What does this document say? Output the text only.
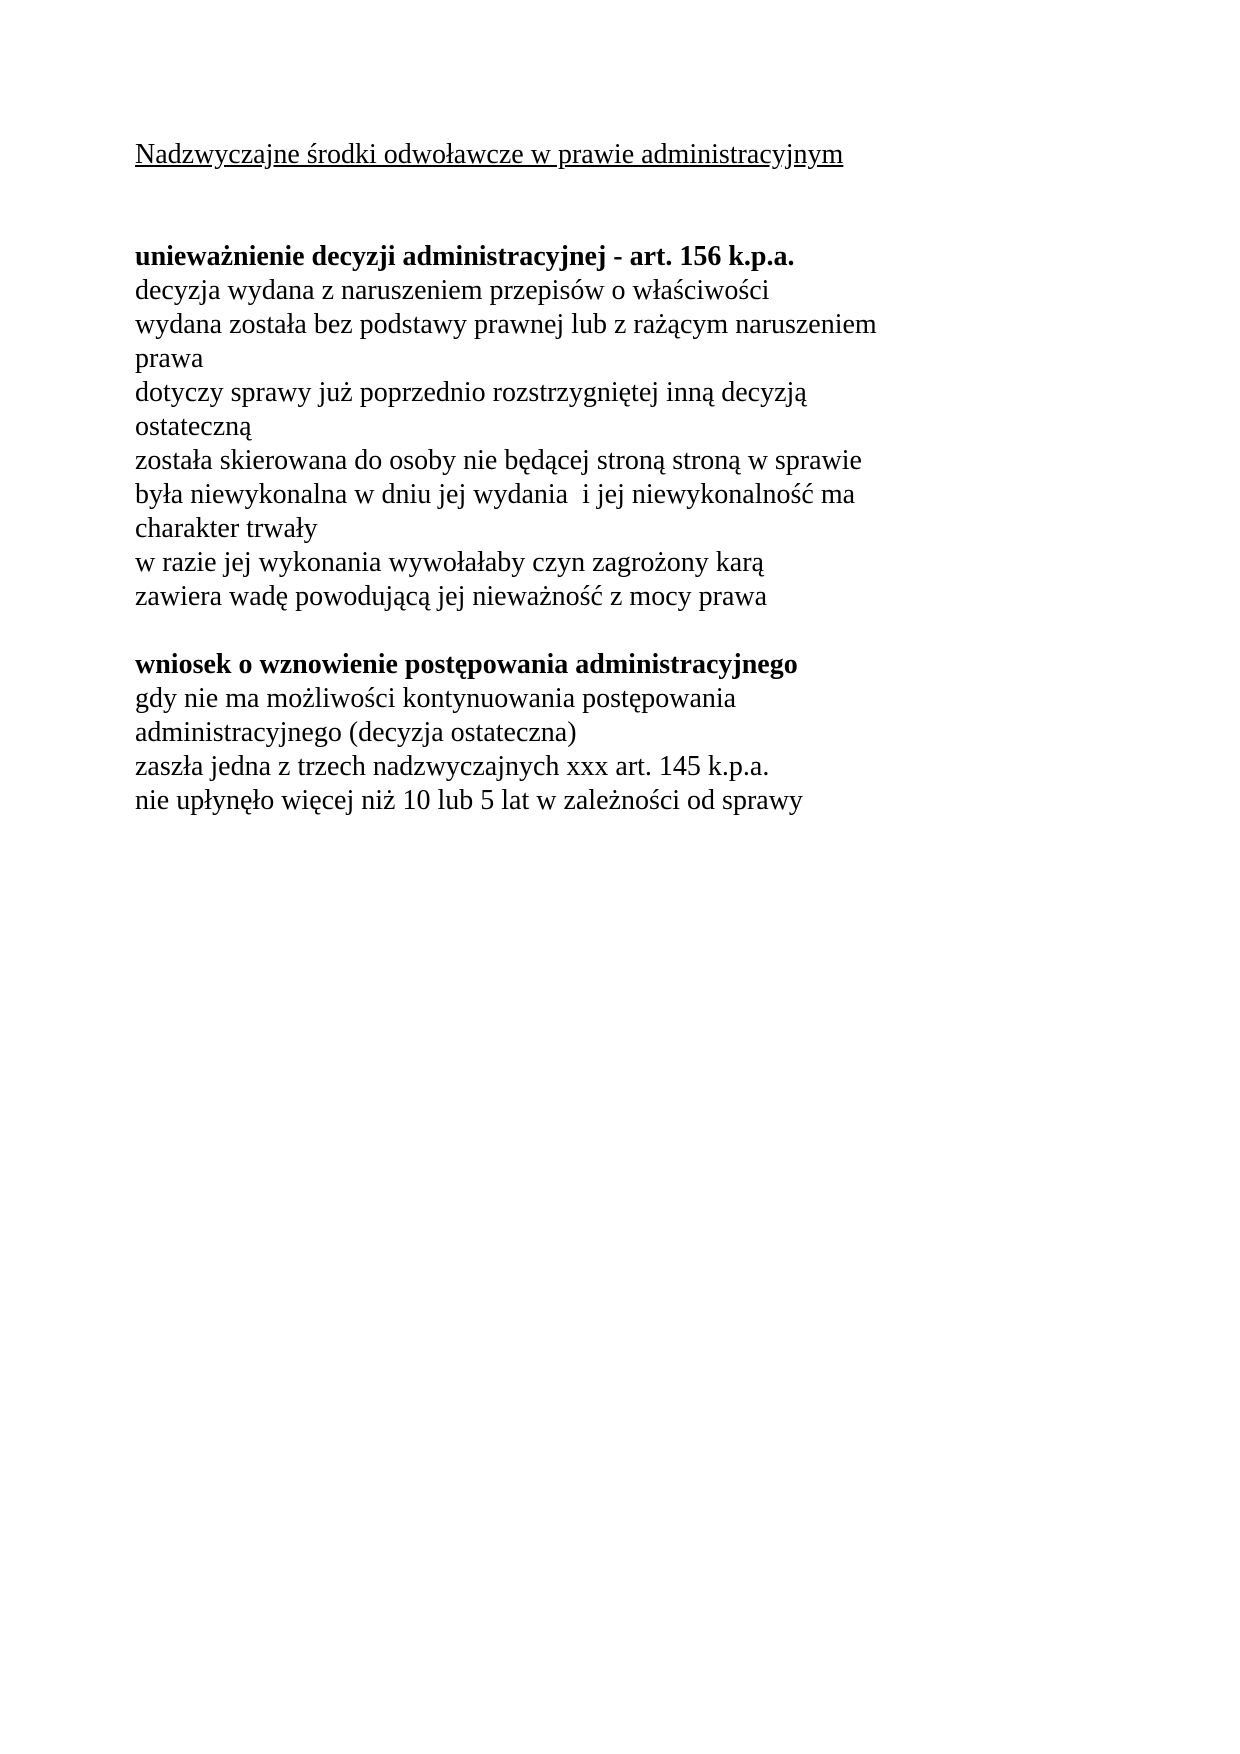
Nadzwyczajne środki odwoławcze w prawie administracyjnym
unieważnienie decyzji administracyjnej - art. 156 k.p.a.
decyzja wydana z naruszeniem przepisów o właściwości
wydana została bez podstawy prawnej lub z rażącym naruszeniem
prawa
dotyczy sprawy już poprzednio rozstrzygniętej inną decyzją
ostateczną
została skierowana do osoby nie będącej stroną stroną w sprawie
była niewykonalna w dniu jej wydania  i jej niewykonalność ma
charakter trwały
w razie jej wykonania wywołałaby czyn zagrożony karą
zawiera wadę powodującą jej nieważność z mocy prawa
wniosek o wznowienie postępowania administracyjnego
gdy nie ma możliwości kontynuowania postępowania
administracyjnego (decyzja ostateczna)
zaszła jedna z trzech nadzwyczajnych xxx art. 145 k.p.a.
nie upłynęło więcej niż 10 lub 5 lat w zależności od sprawy
